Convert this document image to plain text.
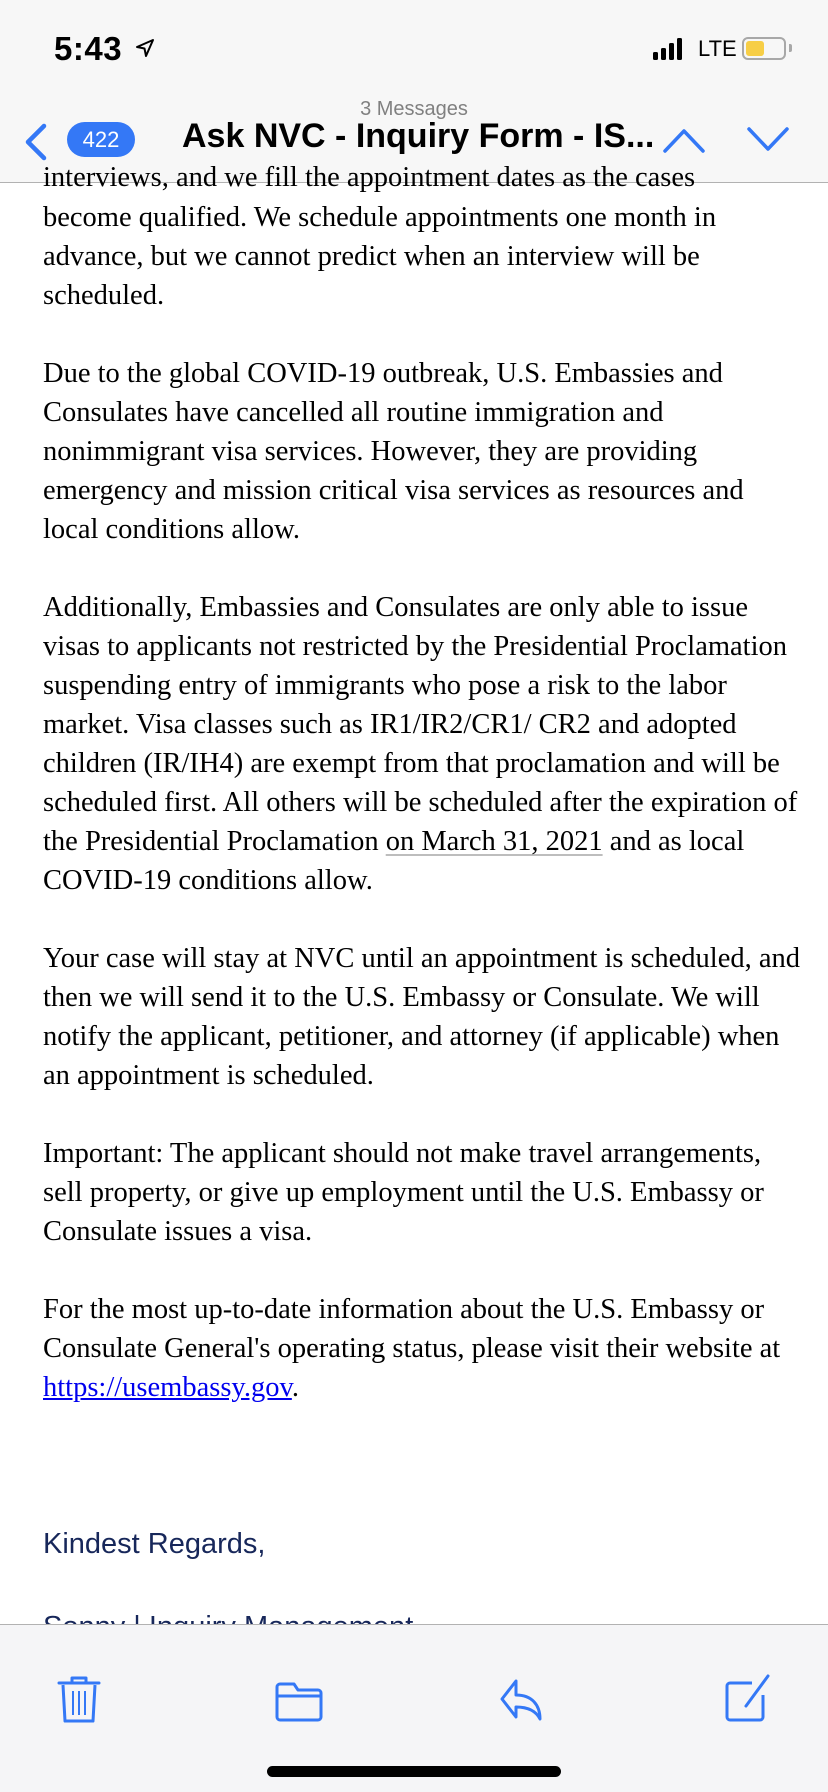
5:43	LTE
3 Messages
422	Ask NVC - Inquiry Form - IS...
interviews, and we fill the appointment dates as the cases

become qualified. We schedule appointments one month in advance, but we cannot predict when an interview will be scheduled.

Due to the global COVID-19 outbreak, U.S. Embassies and Consulates have cancelled all routine immigration and nonimmigrant visa services. However, they are providing emergency and mission critical visa services as resources and local conditions allow.

Additionally, Embassies and Consulates are only able to issue visas to applicants not restricted by the Presidential Proclamation suspending entry of immigrants who pose a risk to the labor market. Visa classes such as IR1/IR2/CR1/ CR2 and adopted children (IR/IH4) are exempt from that proclamation and will be scheduled first. All others will be scheduled after the expiration of the Presidential Proclamation on March 31, 2021 and as local COVID-19 conditions allow.

Your case will stay at NVC until an appointment is scheduled, and then we will send it to the U.S. Embassy or Consulate. We will notify the applicant, petitioner, and attorney (if applicable) when an appointment is scheduled.

Important: The applicant should not make travel arrangements, sell property, or give up employment until the U.S. Embassy or Consulate issues a visa.

For the most up-to-date information about the U.S. Embassy or Consulate General's operating status, please visit their website at https://usembassy.gov.

Kindest Regards,
